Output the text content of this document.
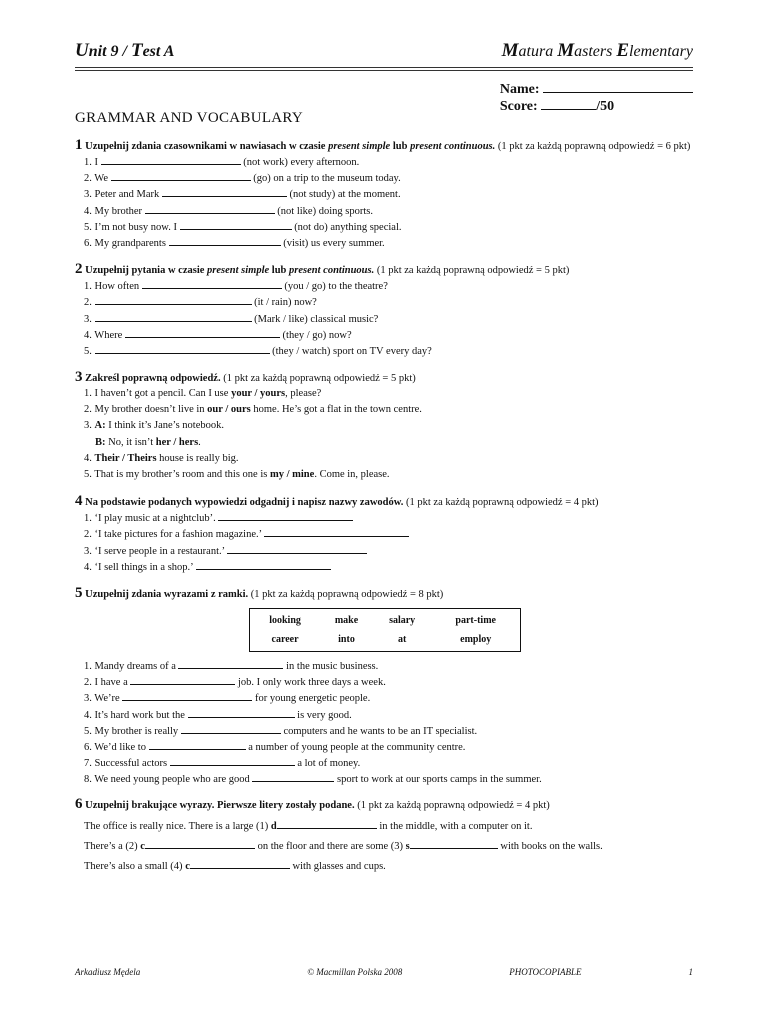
Unit 9 / Test A	Matura Masters Elementary
Name:
Score:	/50
GRAMMAR AND VOCABULARY
1 Uzupełnij zdania czasownikami w nawiasach w czasie present simple lub present continuous. (1 pkt za każdą poprawną odpowiedź = 6 pkt)
1. I	(not work) every afternoon.
2. We	(go) on a trip to the museum today.
3. Peter and Mark	(not study) at the moment.
4. My brother	(not like) doing sports.
5. I’m not busy now. I	(not do) anything special.
6. My grandparents	(visit) us every summer.
2 Uzupełnij pytania w czasie present simple lub present continuous. (1 pkt za każdą poprawną odpowiedź = 5 pkt)
1. How often	(you / go) to the theatre?
2.	(it / rain) now?
3.	(Mark / like) classical music?
4. Where	(they / go) now?
5.	(they / watch) sport on TV every day?
3 Zakreśl poprawną odpowiedź. (1 pkt za każdą poprawną odpowiedź = 5 pkt)
1. I haven’t got a pencil. Can I use your / yours, please?
2. My brother doesn’t live in our / ours home. He’s got a flat in the town centre.
3. A: I think it’s Jane’s notebook.
B: No, it isn’t her / hers.
4. Their / Theirs house is really big.
5. That is my brother’s room and this one is my / mine. Come in, please.
4 Na podstawie podanych wypowiedzi odgadnij i napisz nazwy zawodów. (1 pkt za każdą poprawną odpowiedź = 4 pkt)
1. ‘I play music at a nightclub’.
2. ‘I take pictures for a fashion magazine.’
3. ‘I serve people in a restaurant.’
4. ‘I sell things in a shop.’
5 Uzupełnij zdania wyrazami z ramki. (1 pkt za każdą poprawną odpowiedź = 8 pkt)
looking	make	salary	part-time
career	into	at	employ
1. Mandy dreams of a	in the music business.
2. I have a	job. I only work three days a week.
3. We’re	for young energetic people.
4. It’s hard work but the	is very good.
5. My brother is really	computers and he wants to be an IT specialist.
6. We’d like to	a number of young people at the community centre.
7. Successful actors	a lot of money.
8. We need young people who are good	sport to work at our sports camps in the summer.
6 Uzupełnij brakujące wyrazy. Pierwsze litery zostały podane. (1 pkt za każdą poprawną odpowiedź = 4 pkt)
The office is really nice. There is a large (1) d	in the middle, with a computer on it.
There’s a (2) c	on the floor and there are some (3) s	with books on the walls.
There’s also a small (4) c	with glasses and cups.
Arkadiusz Mędela	© Macmillan Polska 2008	PHOTOCOPIABLE	1
